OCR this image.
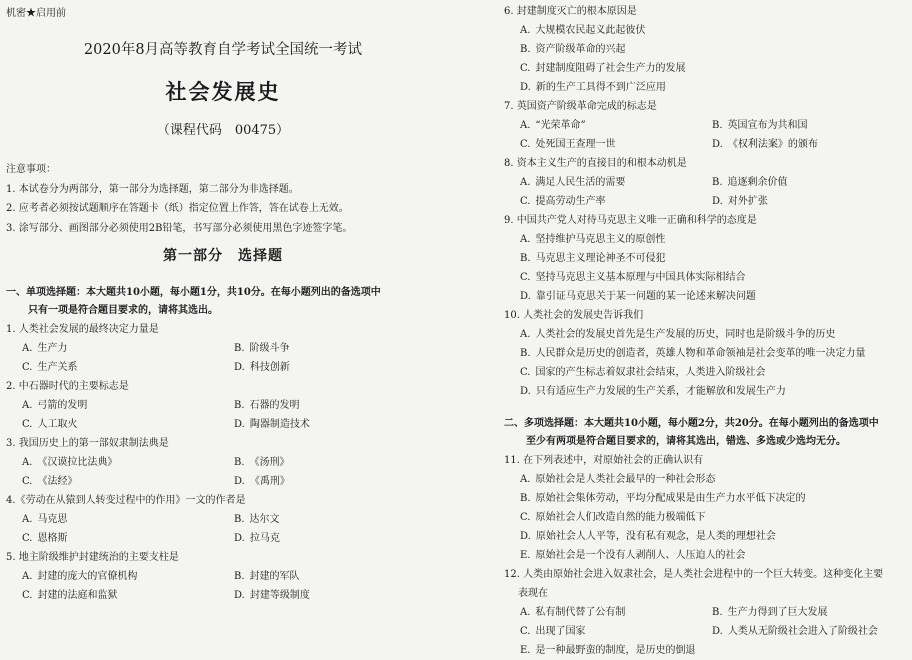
机密★启用前
2020年8月高等教育自学考试全国统一考试
社会发展史
（课程代码　00475）
注意事项：
1. 本试卷分为两部分，第一部分为选择题，第二部分为非选择题。
2. 应考者必须按试题顺序在答题卡（纸）指定位置上作答，答在试卷上无效。
3. 涂写部分、画图部分必须使用2B铅笔，书写部分必须使用黑色字迹签字笔。
第一部分　选择题
一、单项选择题：本大题共10小题，每小题1分，共10分。在每小题列出的备选项中
只有一项是符合题目要求的，请将其选出。
1. 人类社会发展的最终决定力量是
A. 生产力	B. 阶级斗争
C. 生产关系	D. 科技创新
2. 中石器时代的主要标志是
A. 弓箭的发明	B. 石器的发明
C. 人工取火	D. 陶器制造技术
3. 我国历史上的第一部奴隶制法典是
A. 《汉谟拉比法典》	B. 《汤刑》
C. 《法经》	D. 《禹刑》
4.《劳动在从猿到人转变过程中的作用》一文的作者是
A. 马克思	B. 达尔文
C. 恩格斯	D. 拉马克
5. 地主阶级维护封建统治的主要支柱是
A. 封建的庞大的官僚机构	B. 封建的军队
C. 封建的法庭和监狱	D. 封建等级制度
6. 封建制度灭亡的根本原因是
A. 大规模农民起义此起彼伏
B. 资产阶级革命的兴起
C. 封建制度阻碍了社会生产力的发展
D. 新的生产工具得不到广泛应用
7. 英国资产阶级革命完成的标志是
A. “光荣革命”	B. 英国宣布为共和国
C. 处死国王查理一世	D. 《权利法案》的颁布
8. 资本主义生产的直接目的和根本动机是
A. 满足人民生活的需要	B. 追逐剩余价值
C. 提高劳动生产率	D. 对外扩张
9. 中国共产党人对待马克思主义唯一正确和科学的态度是
A. 坚持维护马克思主义的原创性
B. 马克思主义理论神圣不可侵犯
C. 坚持马克思主义基本原理与中国具体实际相结合
D. 靠引证马克思关于某一问题的某一论述来解决问题
10. 人类社会的发展史告诉我们
A. 人类社会的发展史首先是生产发展的历史，同时也是阶级斗争的历史
B. 人民群众是历史的创造者，英雄人物和革命领袖是社会变革的唯一决定力量
C. 国家的产生标志着奴隶社会结束，人类进入阶级社会
D. 只有适应生产力发展的生产关系，才能解放和发展生产力
二、多项选择题：本大题共10小题，每小题2分，共20分。在每小题列出的备选项中
至少有两项是符合题目要求的，请将其选出，错选、多选或少选均无分。
11. 在下列表述中，对原始社会的正确认识有
A. 原始社会是人类社会最早的一种社会形态
B. 原始社会集体劳动，平均分配成果是由生产力水平低下决定的
C. 原始社会人们改造自然的能力极端低下
D. 原始社会人人平等，没有私有观念，是人类的理想社会
E. 原始社会是一个没有人剥削人、人压迫人的社会
12. 人类由原始社会进入奴隶社会，是人类社会进程中的一个巨大转变。这种变化主要
表现在
A. 私有制代替了公有制	B. 生产力得到了巨大发展
C. 出现了国家	D. 人类从无阶级社会进入了阶级社会
E. 是一种最野蛮的制度，是历史的倒退
